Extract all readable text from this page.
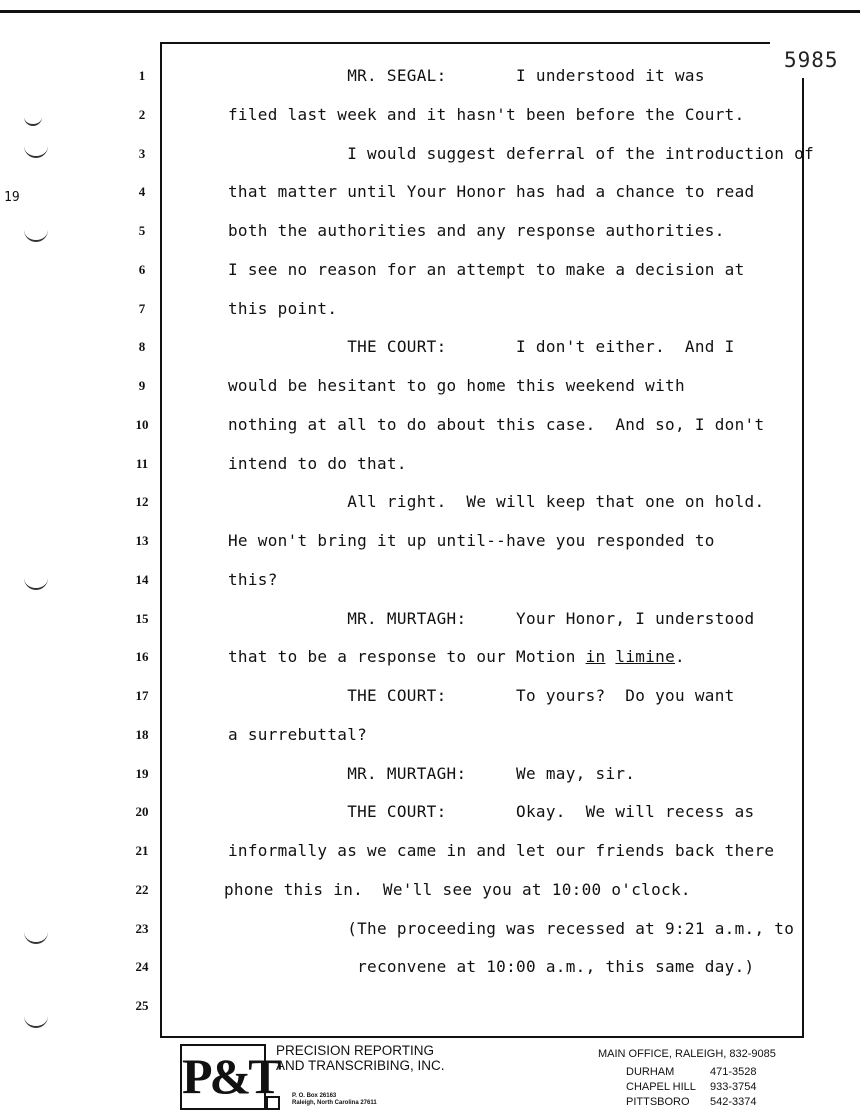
5985
19
1
2
3
4
5
6
7
8
9
10
11
12
13
14
15
16
17
18
19
20
21
22
23
24
25
MR. SEGAL:       I understood it was
filed last week and it hasn't been before the Court.
I would suggest deferral of the introduction of
that matter until Your Honor has had a chance to read
both the authorities and any response authorities.
I see no reason for an attempt to make a decision at
this point.
THE COURT:       I don't either.  And I
would be hesitant to go home this weekend with
nothing at all to do about this case.  And so, I don't
intend to do that.
All right.  We will keep that one on hold.
He won't bring it up until--have you responded to
this?
MR. MURTAGH:     Your Honor, I understood
that to be a response to our Motion in limine.
THE COURT:       To yours?  Do you want
a surrebuttal?
MR. MURTAGH:     We may, sir.
THE COURT:       Okay.  We will recess as
informally as we came in and let our friends back there
phone this in.  We'll see you at 10:00 o'clock.
(The proceeding was recessed at 9:21 a.m., to
reconvene at 10:00 a.m., this same day.)
P&T
PRECISION REPORTING
AND TRANSCRIBING, INC.
P. O. Box 26163
Raleigh, North Carolina 27611
MAIN OFFICE, RALEIGH, 832-9085
DURHAM	471-3528
CHAPEL HILL 933-3754
PITTSBORO 542-3374
